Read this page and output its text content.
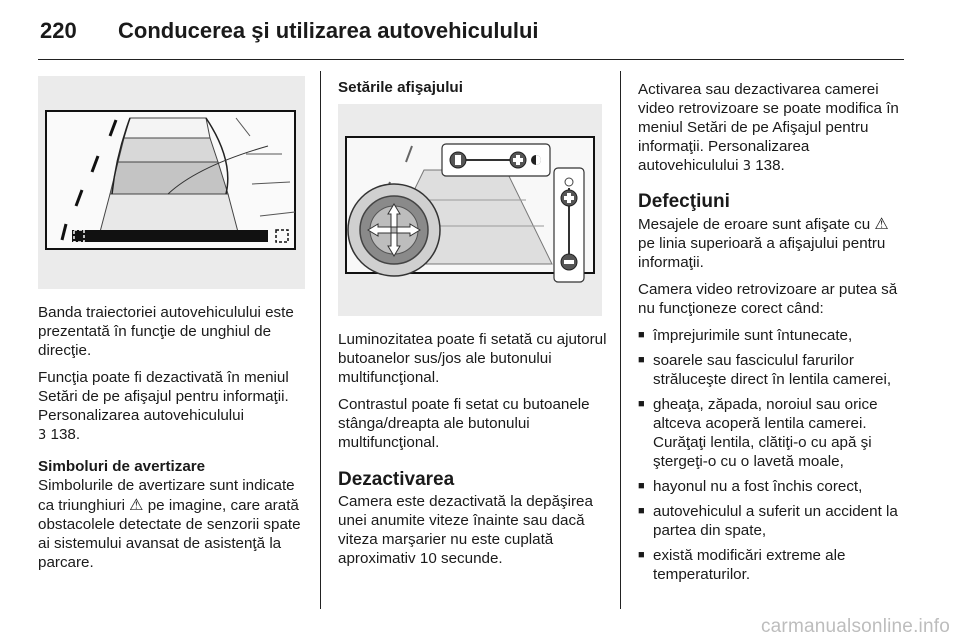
220 Conducerea şi utilizarea autovehiculului

Banda traiectoriei autovehiculului este prezentată în funcţie de unghiul de direcţie.

Funcţia poate fi dezactivată în meniul Setări de pe afişajul pentru informaţii. Personalizarea autovehiculului
3 138.

Simboluri de avertizare

Simbolurile de avertizare sunt indicate ca triunghiuri ⚠ pe imagine, care arată obstacolele detectate de senzorii spate ai sistemului avansat de asistenţă la parcare.

Setările afişajului

Luminozitatea poate fi setată cu ajutorul butoanelor sus/jos ale butonului multifuncţional.

Contrastul poate fi setat cu butoanele stânga/dreapta ale butonului multifuncţional.

Dezactivarea

Camera este dezactivată la depăşirea unei anumite viteze înainte sau dacă viteza marşarier nu este cuplată aproximativ 10 secunde.

Activarea sau dezactivarea camerei video retrovizoare se poate modifica în meniul Setări de pe Afişajul pentru informaţii. Personalizarea autovehiculului 3 138.

Defecţiuni

Mesajele de eroare sunt afişate cu ⚠ pe linia superioară a afişajului pentru informaţii.

Camera video retrovizoare ar putea să nu funcţioneze corect când:

■ împrejurimile sunt întunecate,
■ soarele sau fasciculul farurilor străluceşte direct în lentila camerei,
■ gheaţa, zăpada, noroiul sau orice altceva acoperă lentila camerei. Curăţaţi lentila, clătiţi-o cu apă şi ştergeţi-o cu o lavetă moale,
■ hayonul nu a fost închis corect,
■ autovehiculul a suferit un accident la partea din spate,
■ există modificări extreme ale temperaturilor.
carmanualsonline.info
